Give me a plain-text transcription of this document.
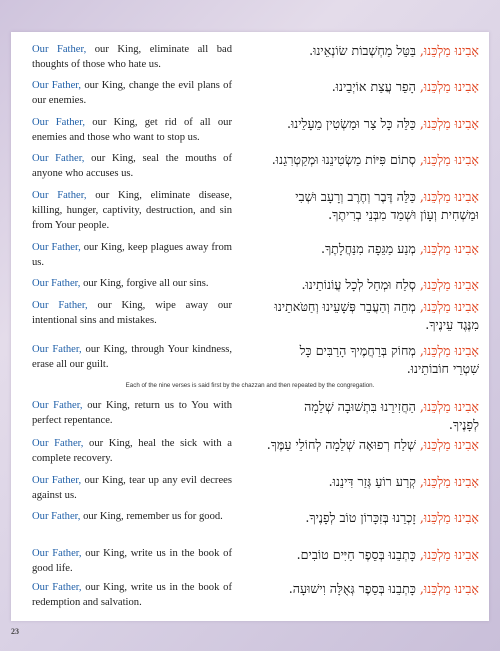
Our Father, our King, eliminate all bad thoughts of those who hate us.
אָבִינוּ מַלְכֵּנוּ, בַּטֵּל מַחְשְׁבוֹת שׂוֹנְאֵינוּ.
Our Father, our King, change the evil plans of our enemies.
אָבִינוּ מַלְכֵּנוּ, הָפֵר עֲצַת אוֹיְבֵינוּ.
Our Father, our King, get rid of all our enemies and those who want to stop us.
אָבִינוּ מַלְכֵּנוּ, כַּלֵּה כָּל צַר וּמַשְׂטִין מֵעָלֵינוּ.
Our Father, our King, seal the mouths of anyone who accuses us.
אָבִינוּ מַלְכֵּנוּ, סְתוֹם פִּיּוֹת מַשְׂטִינֵנוּ וּמְקַטְרִגֵנוּ.
Our Father, our King, eliminate disease, killing, hunger, captivity, destruction, and sin from Your people.
אָבִינוּ מַלְכֵּנוּ, כַּלֵּה דֶּבֶר וְחֶרֶב וְרָעָב וּשְׁבִי
וּמַשְׁחִית וְעָוֹן וּשְׁמַד מִבְּנֵי בְרִיתֶךָ.
Our Father, our King, keep plagues away from us.
אָבִינוּ מַלְכֵּנוּ, מְנַע מַגֵּפָה מִנַּחֲלָתֶךָ.
Our Father, our King, forgive all our sins.	אָבִינוּ מַלְכֵּנוּ, סְלַח וּמְחַל לְכָל עֲוֹנוֹתֵינוּ.
Our Father, our King, wipe away our intentional sins and mistakes.
אָבִינוּ מַלְכֵּנוּ, מְחֵה וְהַעֲבֵר פְּשָׁעֵינוּ וְחַטֹּאתֵינוּ
מִנֶּגֶד עֵינֶיךָ.
Our Father, our King, through Your kindness, erase all our guilt.
אָבִינוּ מַלְכֵּנוּ, מְחוֹק בְּרַחֲמֶיךָ הָרַבִּים כָּל
שִׁטְרֵי חוֹבוֹתֵינוּ.
Each of the nine verses is said first by the chazzan and then repeated by the congregation.
Our Father, our King, return us to You with perfect repentance.
אָבִינוּ מַלְכֵּנוּ, הַחֲזִירֵנוּ בִּתְשׁוּבָה שְׁלֵמָה
לְפָנֶיךָ.
Our Father, our King, heal the sick with a complete recovery.
אָבִינוּ מַלְכֵּנוּ, שְׁלַח רְפוּאָה שְׁלֵמָה לְחוֹלֵי עַמֶּךָ.
Our Father, our King, tear up any evil decrees against us.
אָבִינוּ מַלְכֵּנוּ, קְרַע רוֹעַ גְּזַר דִּינֵנוּ.
Our Father, our King, remember us for good.	אָבִינוּ מַלְכֵּנוּ, זָכְרֵנוּ בְּזִכָּרוֹן טוֹב לְפָנֶיךָ.
Our Father, our King, write us in the book of good life.
אָבִינוּ מַלְכֵּנוּ, כָּתְבֵנוּ בְּסֵפֶר חַיִּים טוֹבִים.
Our Father, our King, write us in the book of redemption and salvation.
אָבִינוּ מַלְכֵּנוּ, כָּתְבֵנוּ בְּסֵפֶר גְּאֻלָּה וִישׁוּעָה.
23
